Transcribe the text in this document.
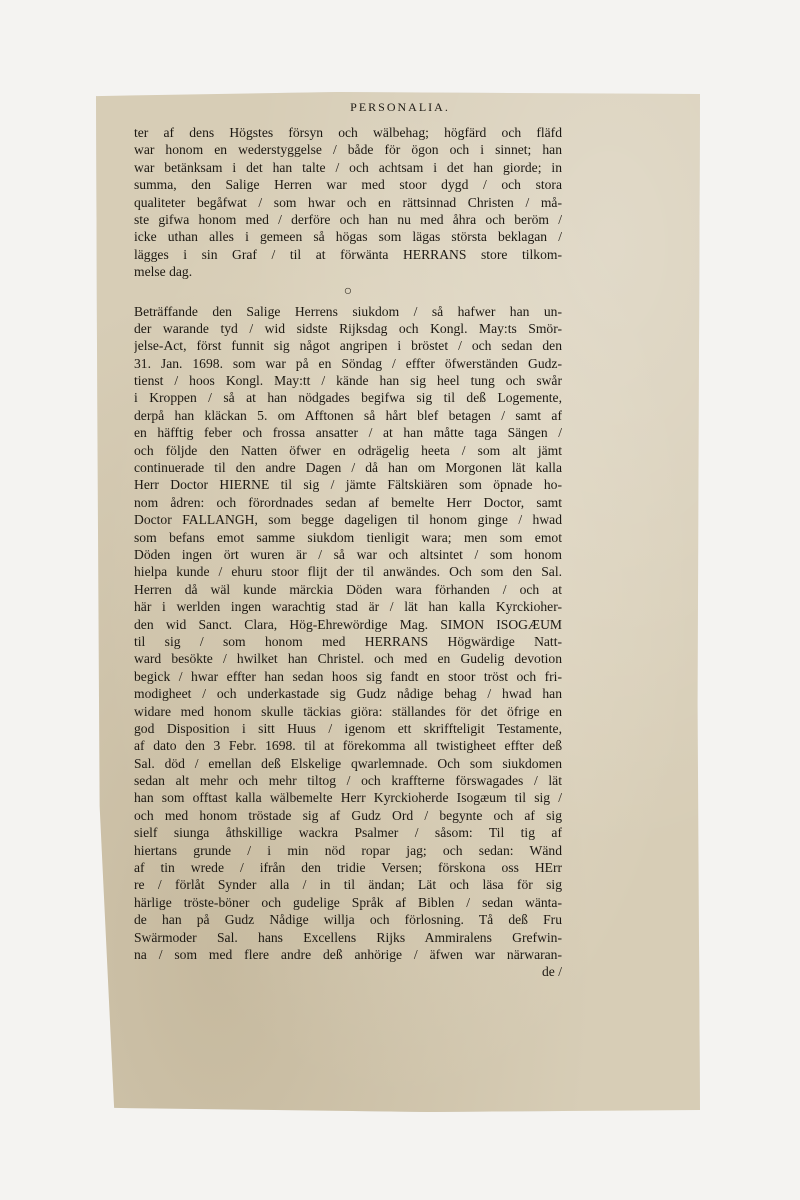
PERSONALIA.
ter af dens Högstes försyn och wälbehag; högfärd och fläfd
war honom en wederstyggelse / både för ögon och i sinnet; han
war betänksam i det han talte / och achtsam i det han giorde; in
summa, den Salige Herren war med stoor dygd / och stora
qualiteter begåfwat / som hwar och en rättsinnad Christen / må-
ste gifwa honom med / derföre och han nu med åhra och beröm /
icke uthan alles i gemeen så högas som lägas största beklagan /
lägges i sin Graf / til at förwänta HERRANS store tilkom-
melse dag.
○
Beträffande den Salige Herrens siukdom / så hafwer han un-
der warande tyd / wid sidste Rijksdag och Kongl. May:ts Smör-
jelse-Act, först funnit sig något angripen i bröstet / och sedan den
31. Jan. 1698. som war på en Söndag / effter öfwerständen Gudz-
tienst / hoos Kongl. May:tt / kände han sig heel tung och swår
i Kroppen / så at han nödgades begifwa sig til deß Logemente,
derpå han kläckan 5. om Afftonen så hårt blef betagen / samt af
en häfftig feber och frossa ansatter / at han måtte taga Sängen /
och följde den Natten öfwer en odrägelig heeta / som alt jämt
continuerade til den andre Dagen / då han om Morgonen lät kalla
Herr Doctor HIERNE til sig / jämte Fältskiären som öpnade ho-
nom ådren: och förordnades sedan af bemelte Herr Doctor, samt
Doctor FALLANGH, som begge dageligen til honom ginge / hwad
som befans emot samme siukdom tienligit wara; men som emot
Döden ingen ört wuren är / så war och altsintet / som honom
hielpa kunde / ehuru stoor flijt der til anwändes. Och som den Sal.
Herren då wäl kunde märckia Döden wara förhanden / och at
här i werlden ingen warachtig stad är / lät han kalla Kyrckioher-
den wid Sanct. Clara, Hög-Ehrewördige Mag. SIMON ISOGÆUM
til sig / som honom med HERRANS Högwärdige Natt-
ward besökte / hwilket han Christel. och med en Gudelig devotion
begick / hwar effter han sedan hoos sig fandt en stoor tröst och fri-
modigheet / och underkastade sig Gudz nådige behag / hwad han
widare med honom skulle täckias giöra: ställandes för det öfrige en
god Disposition i sitt Huus / igenom ett skriffteligit Testamente,
af dato den 3 Febr. 1698. til at förekomma all twistigheet effter deß
Sal. död / emellan deß Elskelige qwarlemnade. Och som siukdomen
sedan alt mehr och mehr tiltog / och kraffterne förswagades / lät
han som offtast kalla wälbemelte Herr Kyrckioherde Isogæum til sig /
och med honom tröstade sig af Gudz Ord / begynte och af sig
sielf siunga åthskillige wackra Psalmer / såsom: Til tig af
hiertans grunde / i min nöd ropar jag; och sedan: Wänd
af tin wrede / ifrån den tridie Versen; förskona oss HErr
re / förlåt Synder alla / in til ändan; Lät och läsa för sig
härlige tröste-böner och gudelige Språk af Biblen / sedan wänta-
de han på Gudz Nådige willja och förlosning. Tå deß Fru
Swärmoder Sal. hans Excellens Rijks Ammiralens Grefwin-
na / som med flere andre deß anhörige / äfwen war närwaran-
de /
